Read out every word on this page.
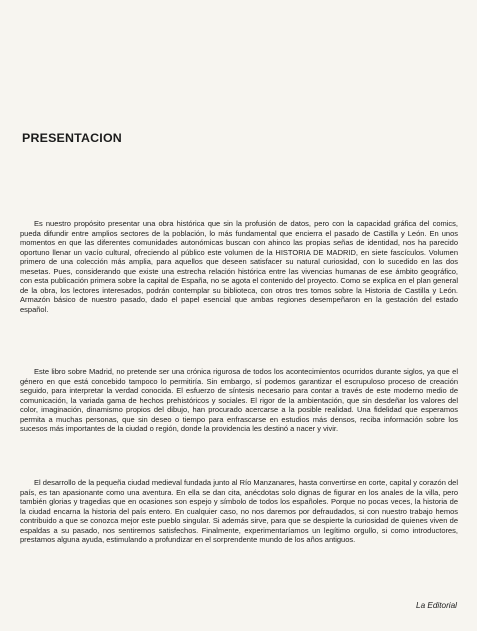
PRESENTACION

Es nuestro propósito presentar una obra histórica que sin la profusión de datos, pero con la capacidad gráfica del comics, pueda difundir entre amplios sectores de la población, lo más fundamental que encierra el pasado de Castilla y León. En unos momentos en que las diferentes comunidades autonómicas buscan con ahinco las propias señas de identidad, nos ha parecido oportuno llenar un vacío cultural, ofreciendo al público este volumen de la HISTORIA DE MADRID, en siete fascículos. Volumen primero de una colección más amplia, para aquellos que deseen satisfacer su natural curiosidad, con lo sucedido en las dos mesetas. Pues, considerando que existe una estrecha relación histórica entre las vivencias humanas de ese ámbito geográfico, con esta publicación primera sobre la capital de España, no se agota el contenido del proyecto. Como se explica en el plan general de la obra, los lectores interesados, podrán contemplar su biblioteca, con otros tres tomos sobre la Historia de Castilla y León. Armazón básico de nuestro pasado, dado el papel esencial que ambas regiones desempeñaron en la gestación del estado español.

Este libro sobre Madrid, no pretende ser una crónica rigurosa de todos los acontecimientos ocurridos durante siglos, ya que el género en que está concebido tampoco lo permitiría. Sin embargo, sí podemos garantizar el escrupuloso proceso de creación seguido, para interpretar la verdad conocida. El esfuerzo de síntesis necesario para contar a través de este moderno medio de comunicación, la variada gama de hechos prehistóricos y sociales. El rigor de la ambientación, que sin desdeñar los valores del color, imaginación, dinamismo propios del dibujo, han procurado acercarse a la posible realidad. Una fidelidad que esperamos permita a muchas personas, que sin deseo o tiempo para enfrascarse en estudios más densos, reciba información sobre los sucesos más importantes de la ciudad o región, donde la providencia les destinó a nacer y vivir.

El desarrollo de la pequeña ciudad medieval fundada junto al Río Manzanares, hasta convertirse en corte, capital y corazón del país, es tan apasionante como una aventura. En ella se dan cita, anécdotas solo dignas de figurar en los anales de la villa, pero también glorias y tragedias que en ocasiones son espejo y símbolo de todos los españoles. Porque no pocas veces, la historia de la ciudad encarna la historia del país entero. En cualquier caso, no nos daremos por defraudados, si con nuestro trabajo hemos contribuido a que se conozca mejor este pueblo singular. Si además sirve, para que se despierte la curiosidad de quienes viven de espaldas a su pasado, nos sentiremos satisfechos. Finalmente, experimentaríamos un legítimo orgullo, si como introductores, prestamos alguna ayuda, estimulando a profundizar en el sorprendente mundo de los años antiguos.

La Editorial
